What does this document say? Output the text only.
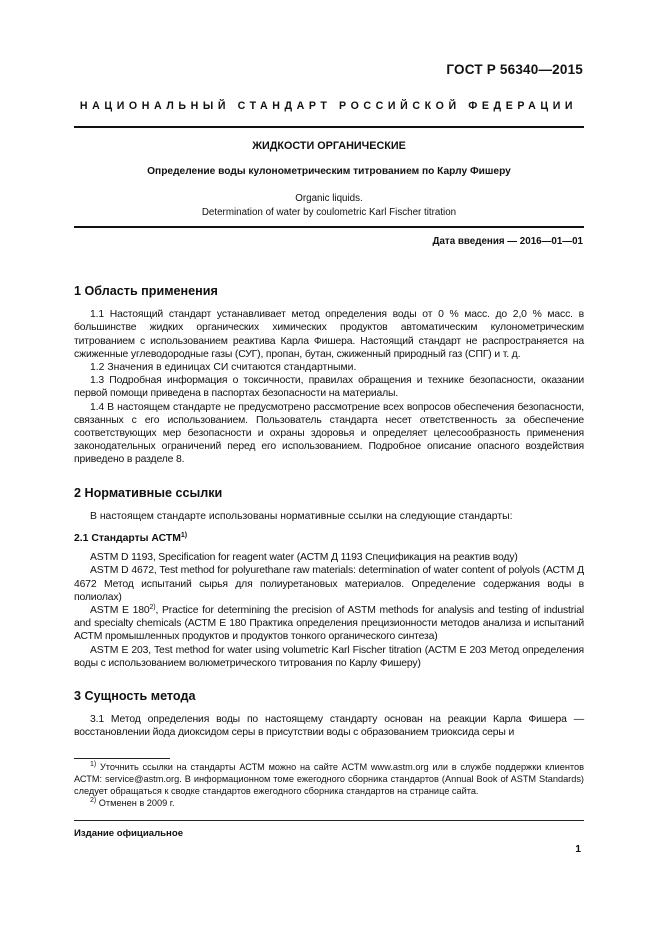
ГОСТ Р 56340—2015
НАЦИОНАЛЬНЫЙ СТАНДАРТ РОССИЙСКОЙ ФЕДЕРАЦИИ
ЖИДКОСТИ ОРГАНИЧЕСКИЕ
Определение воды кулонометрическим титрованием по Карлу Фишеру
Organic liquids.
Determination of water by coulometric Karl Fischer titration
Дата введения — 2016—01—01
1 Область применения

1.1 Настоящий стандарт устанавливает метод определения воды от 0 % масс. до 2,0 % масс. в большинстве жидких органических химических продуктов автоматическим кулонометрическим титрованием с использованием реактива Карла Фишера. Настоящий стандарт не распространяется на сжиженные углеводородные газы (СУГ), пропан, бутан, сжиженный природный газ (СПГ) и т. д.

1.2 Значения в единицах СИ считаются стандартными.

1.3 Подробная информация о токсичности, правилах обращения и технике безопасности, оказании первой помощи приведена в паспортах безопасности на материалы.

1.4 В настоящем стандарте не предусмотрено рассмотрение всех вопросов обеспечения безопасности, связанных с его использованием. Пользователь стандарта несет ответственность за обеспечение соответствующих мер безопасности и охраны здоровья и определяет целесообразность применения законодательных ограничений перед его использованием. Подробное описание опасного воздействия приведено в разделе 8.

2 Нормативные ссылки

В настоящем стандарте использованы нормативные ссылки на следующие стандарты:

2.1 Стандарты АСТМ$^{1)}$

ASTM D 1193, Specification for reagent water (АСТМ Д 1193 Спецификация на реактив воду)

ASTM D 4672, Test method for polyurethane raw materials: determination of water content of polyols (АСТМ Д 4672 Метод испытаний сырья для полиуретановых материалов. Определение содержания воды в полиолах)

ASTM E 180$^{2)}$, Practice for determining the precision of ASTM methods for analysis and testing of industrial and specialty chemicals (АСТМ Е 180 Практика определения прецизионности методов анализа и испытаний АСТМ промышленных продуктов и продуктов тонкого органического синтеза)

ASTM E 203, Test method for water using volumetric Karl Fischer titration (АСТМ Е 203 Метод определения воды с использованием волюметрического титрования по Карлу Фишеру)

3 Сущность метода

3.1 Метод определения воды по настоящему стандарту основан на реакции Карла Фишера — восстановлении йода диоксидом серы в присутствии воды с образованием триоксида серы и

$^{1)}$ Уточнить ссылки на стандарты АСТМ можно на сайте АСТМ www.astm.org или в службе поддержки клиентов АСТМ: service@astm.org. В информационном томе ежегодного сборника стандартов (Annual Book of ASTM Standards) следует обращаться к сводке стандартов ежегодного сборника стандартов на странице сайта.

$^{2)}$ Отменен в 2009 г.

Издание официальное
1
